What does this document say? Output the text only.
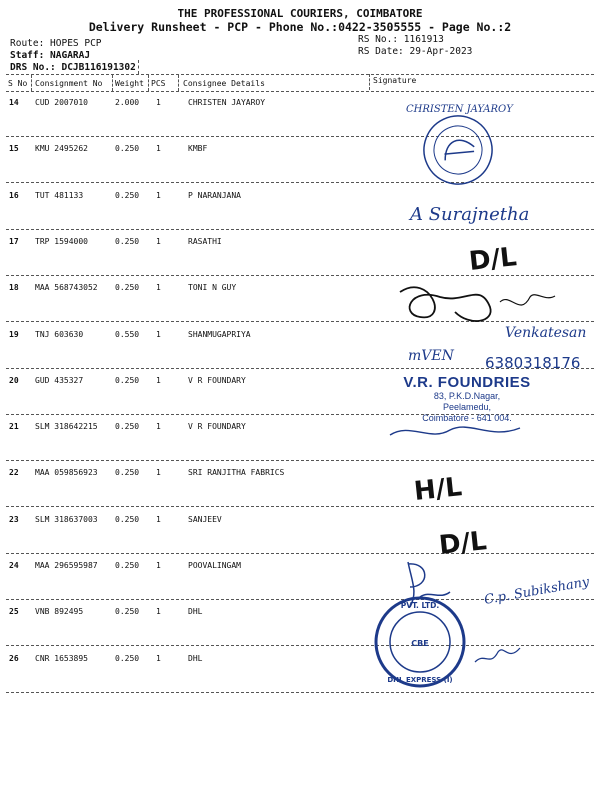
THE PROFESSIONAL COURIERS, COIMBATORE
Delivery Runsheet - PCP - Phone No.:0422-3505555 - Page No.:2
Route: HOPES PCP
Staff: NAGARAJ
DRS No.: DCJB116191302
RS No.: 1161913
RS Date: 29-Apr-2023
S No Consignment No Weight PCS Consignee Details	Signature
14 CUD 2007010	2.000 1	CHRISTEN JAYAROY
15 KMU 2495262	0.250 1	KMBF
16 TUT 481133	0.250 1	P NARANJANA
17 TRP 1594000	0.250 1	RASATHI
18 MAA 568743052 0.250 1	TONI N GUY
19 TNJ 603630	0.550 1	SHANMUGAPRIYA
20 GUD 435327	0.250 1	V R FOUNDARY
21 SLM 318642215 0.250 1	V R FOUNDARY
22 MAA 059856923 0.250 1	SRI RANJITHA FABRICS
23 SLM 318637003 0.250 1	SANJEEV
24 MAA 296595987 0.250 1	POOVALINGAM
25 VNB 892495	0.250 1	DHL
26 CNR 1653895	0.250 1	DHL
CHRISTEN JAYAROY
A Surajnetha
D/L
Venkatesan
mVEN 6380318176
H/L
D/L
C.p. Subikshany
CBE
PVT. LTD.
DHL EXPRESS (I)
V.R. FOUNDRIES
83, P.K.D.Nagar,
Peelamedu,
Coimbatore - 641 004.
